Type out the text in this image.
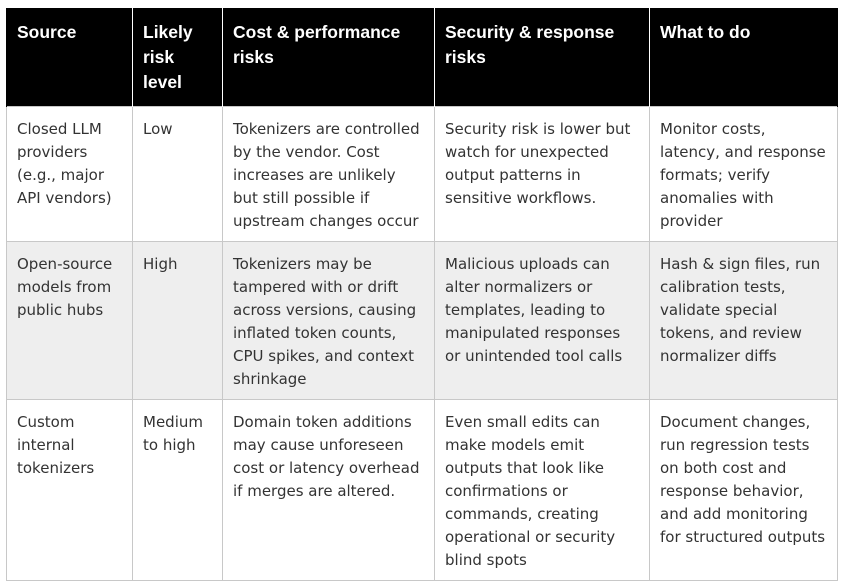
Source	Likely risk level	Cost & performance risks	Security & response risks	What to do
Closed LLM providers (e.g., major API vendors)	Low	Tokenizers are controlled by the vendor. Cost increases are unlikely but still possible if upstream changes occur	Security risk is lower but watch for unexpected output patterns in sensitive workflows.	Monitor costs, latency, and response formats; verify anomalies with provider
Open-source models from public hubs	High	Tokenizers may be tampered with or drift across versions, causing inflated token counts, CPU spikes, and context shrinkage	Malicious uploads can alter normalizers or templates, leading to manipulated responses or unintended tool calls	Hash & sign files, run calibration tests, validate special tokens, and review normalizer diffs
Custom internal tokenizers	Medium to high	Domain token additions may cause unforeseen cost or latency overhead if merges are altered.	Even small edits can make models emit outputs that look like confirmations or commands, creating operational or security blind spots	Document changes, run regression tests on both cost and response behavior, and add monitoring for structured outputs
